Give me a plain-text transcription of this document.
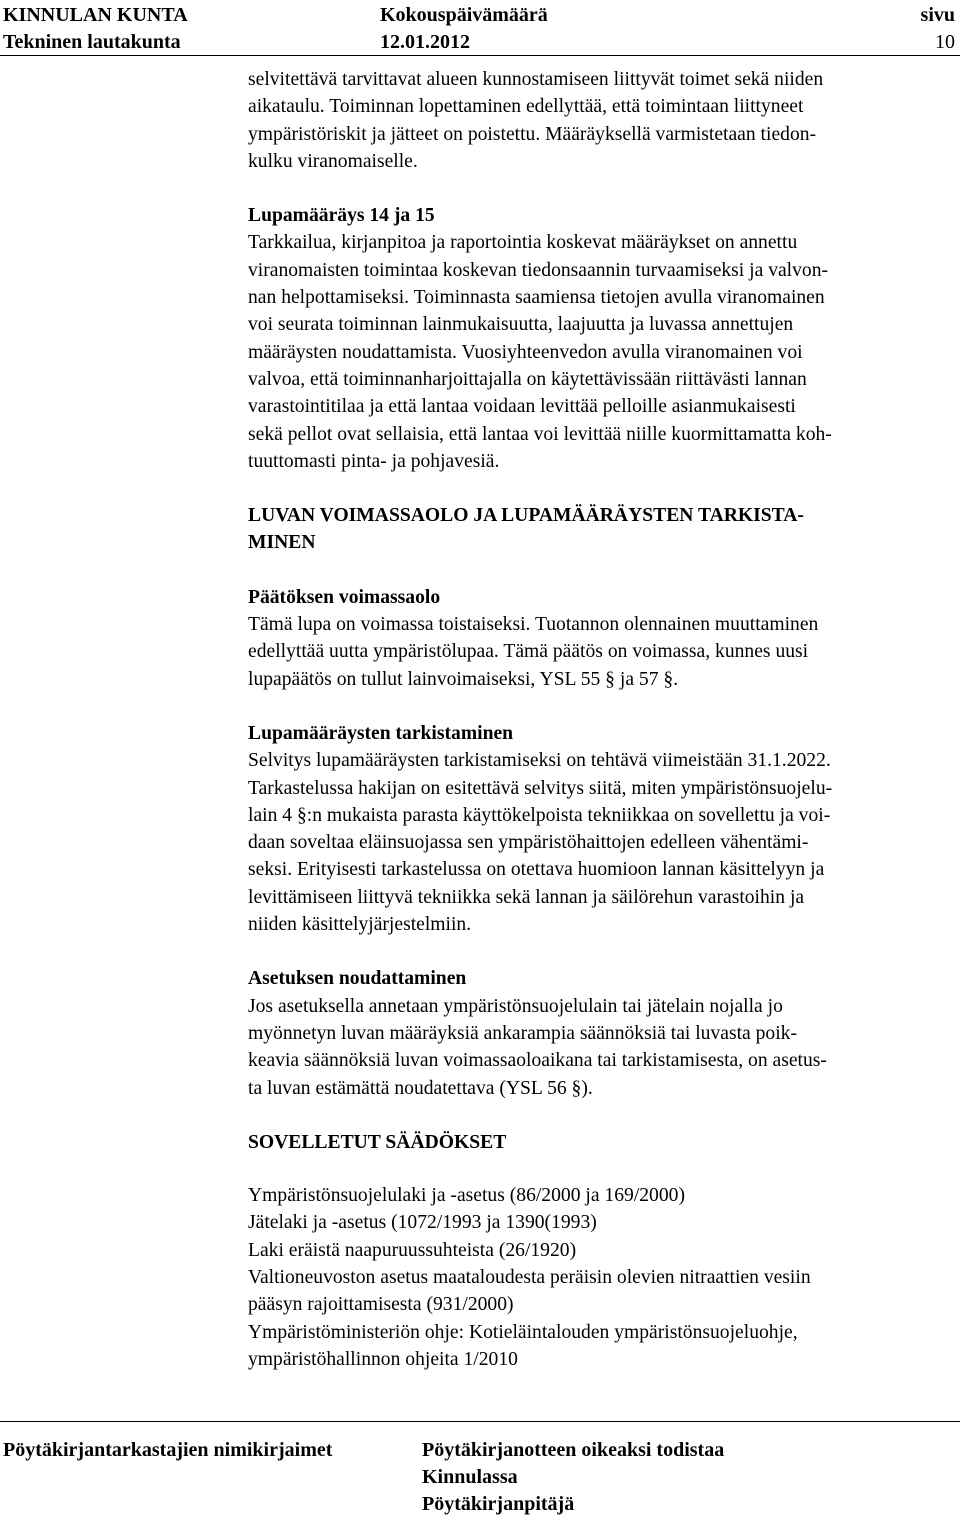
KINNULAN KUNTA	Kokouspäivämäärä	sivu
Tekninen lautakunta	12.01.2012	10

selvitettävä tarvittavat alueen kunnostamiseen liittyvät toimet sekä niiden

aikataulu. Toiminnan lopettaminen edellyttää, että toimintaan liittyneet

ympäristöriskit ja jätteet on poistettu. Määräyksellä varmistetaan tiedon-

kulku viranomaiselle.

Lupamääräys 14 ja 15

Tarkkailua, kirjanpitoa ja raportointia koskevat määräykset on annettu

viranomaisten toimintaa koskevan tiedonsaannin turvaamiseksi ja valvon-

nan helpottamiseksi. Toiminnasta saamiensa tietojen avulla viranomainen

voi seurata toiminnan lainmukaisuutta, laajuutta ja luvassa annettujen

määräysten noudattamista. Vuosiyhteenvedon avulla viranomainen voi

valvoa, että toiminnanharjoittajalla on käytettävissään riittävästi lannan

varastointitilaa ja että lantaa voidaan levittää pelloille asianmukaisesti

sekä pellot ovat sellaisia, että lantaa voi levittää niille kuormittamatta koh-

tuuttomasti pinta- ja pohjavesiä.

LUVAN VOIMASSAOLO JA LUPAMÄÄRÄYSTEN TARKISTA-

MINEN

Päätöksen voimassaolo

Tämä lupa on voimassa toistaiseksi. Tuotannon olennainen muuttaminen

edellyttää uutta ympäristölupaa. Tämä päätös on voimassa, kunnes uusi

lupapäätös on tullut lainvoimaiseksi, YSL 55 § ja 57 §.

Lupamääräysten tarkistaminen

Selvitys lupamääräysten tarkistamiseksi on tehtävä viimeistään 31.1.2022.

Tarkastelussa hakijan on esitettävä selvitys siitä, miten ympäristönsuojelu-

lain 4 §:n mukaista parasta käyttökelpoista tekniikkaa on sovellettu ja voi-

daan soveltaa eläinsuojassa sen ympäristöhaittojen edelleen vähentämi-

seksi. Erityisesti tarkastelussa on otettava huomioon lannan käsittelyyn ja

levittämiseen liittyvä tekniikka sekä lannan ja säilörehun varastoihin ja

niiden käsittelyjärjestelmiin.

Asetuksen noudattaminen

Jos asetuksella annetaan ympäristönsuojelulain tai jätelain nojalla jo

myönnetyn luvan määräyksiä ankarampia säännöksiä tai luvasta poik-

keavia säännöksiä luvan voimassaoloaikana tai tarkistamisesta, on asetus-

ta luvan estämättä noudatettava (YSL 56 §).

SOVELLETUT SÄÄDÖKSET

Ympäristönsuojelulaki ja -asetus (86/2000 ja 169/2000)

Jätelaki ja -asetus (1072/1993 ja 1390(1993)

Laki eräistä naapuruussuhteista (26/1920)

Valtioneuvoston asetus maataloudesta peräisin olevien nitraattien vesiin

pääsyn rajoittamisesta (931/2000)

Ympäristöministeriön ohje: Kotieläintalouden ympäristönsuojeluohje,

ympäristöhallinnon ohjeita 1/2010

Pöytäkirjantarkastajien nimikirjaimet	Pöytäkirjanotteen oikeaksi todistaa
Kinnulassa
Pöytäkirjanpitäjä
